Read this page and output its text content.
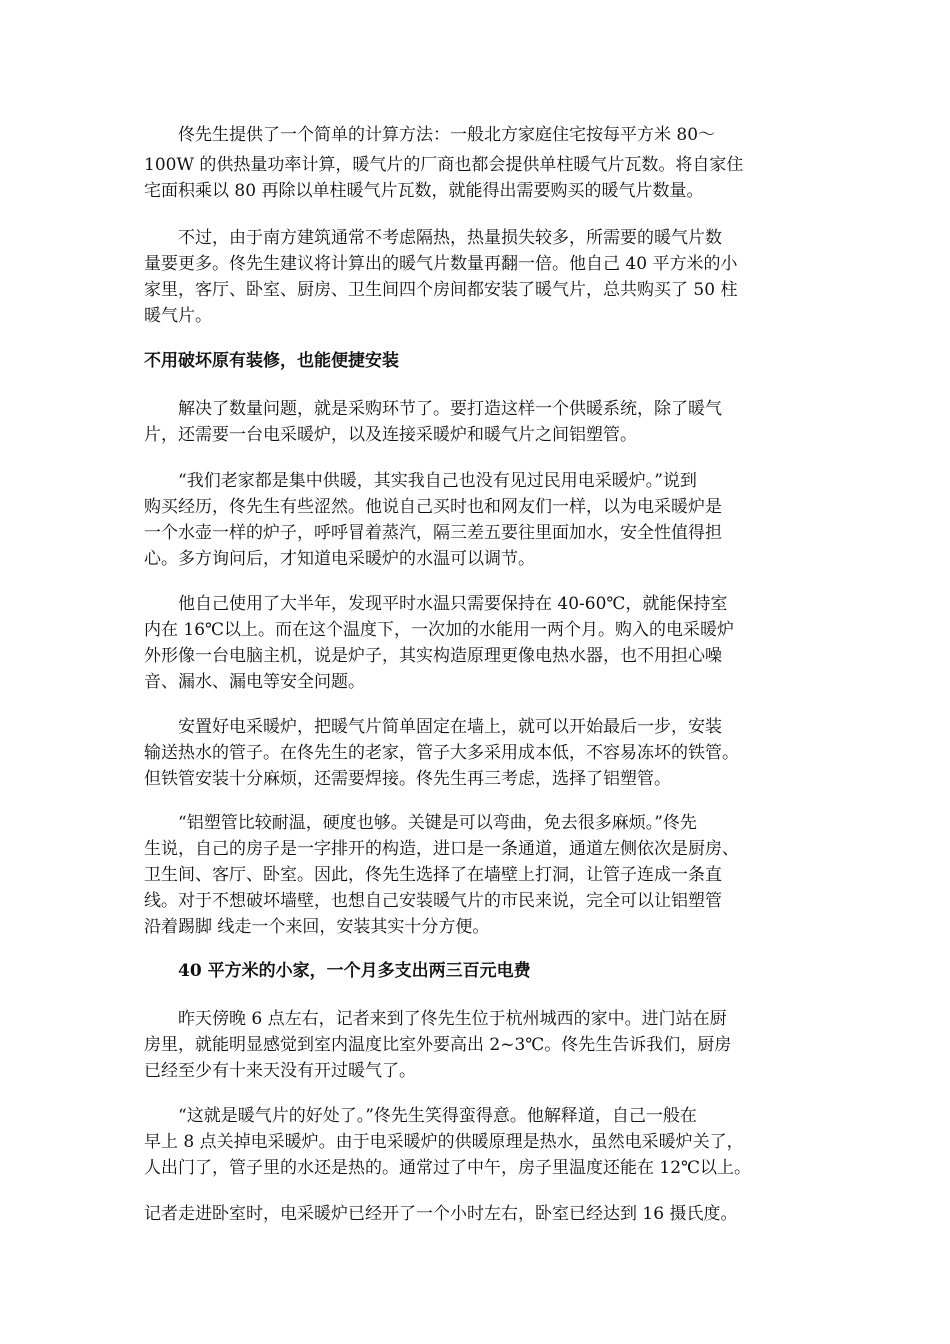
　　佟先生提供了一个简单的计算方法：一般北方家庭住宅按每平方米 80～
100W 的供热量功率计算，暖气片的厂商也都会提供单柱暖气片瓦数。将自家住
宅面积乘以 80 再除以单柱暖气片瓦数，就能得出需要购买的暖气片数量。
　　不过，由于南方建筑通常不考虑隔热，热量损失较多，所需要的暖气片数
量要更多。佟先生建议将计算出的暖气片数量再翻一倍。他自己 40 平方米的小
家里，客厅、卧室、厨房、卫生间四个房间都安装了暖气片，总共购买了 50 柱
暖气片。
不用破坏原有装修，也能便捷安装
　　解决了数量问题，就是采购环节了。要打造这样一个供暖系统，除了暖气
片，还需要一台电采暖炉，以及连接采暖炉和暖气片之间铝塑管。
　　“我们老家都是集中供暖，其实我自己也没有见过民用电采暖炉。”说到
购买经历，佟先生有些涩然。他说自己买时也和网友们一样，以为电采暖炉是
一个水壶一样的炉子，呼呼冒着蒸汽，隔三差五要往里面加水，安全性值得担
心。多方询问后，才知道电采暖炉的水温可以调节。
　　他自己使用了大半年，发现平时水温只需要保持在 40-60℃，就能保持室
内在 16℃以上。而在这个温度下，一次加的水能用一两个月。购入的电采暖炉
外形像一台电脑主机，说是炉子，其实构造原理更像电热水器，也不用担心噪
音、漏水、漏电等安全问题。
　　安置好电采暖炉，把暖气片简单固定在墙上，就可以开始最后一步，安装
输送热水的管子。在佟先生的老家，管子大多采用成本低，不容易冻坏的铁管。
但铁管安装十分麻烦，还需要焊接。佟先生再三考虑，选择了铝塑管。
　　“铝塑管比较耐温，硬度也够。关键是可以弯曲，免去很多麻烦。”佟先
生说，自己的房子是一字排开的构造，进口是一条通道，通道左侧依次是厨房、
卫生间、客厅、卧室。因此，佟先生选择了在墙壁上打洞，让管子连成一条直
线。对于不想破坏墙壁，也想自己安装暖气片的市民来说，完全可以让铝塑管
沿着踢脚 线走一个来回，安装其实十分方便。
　　40 平方米的小家，一个月多支出两三百元电费
　　昨天傍晚 6 点左右，记者来到了佟先生位于杭州城西的家中。进门站在厨
房里，就能明显感觉到室内温度比室外要高出 2~3℃。佟先生告诉我们，厨房
已经至少有十来天没有开过暖气了。
　　“这就是暖气片的好处了。”佟先生笑得蛮得意。他解释道，自己一般在
早上 8 点关掉电采暖炉。由于电采暖炉的供暖原理是热水，虽然电采暖炉关了，
人出门了，管子里的水还是热的。通常过了中午，房子里温度还能在 12℃以上。
记者走进卧室时，电采暖炉已经开了一个小时左右，卧室已经达到 16 摄氏度。
